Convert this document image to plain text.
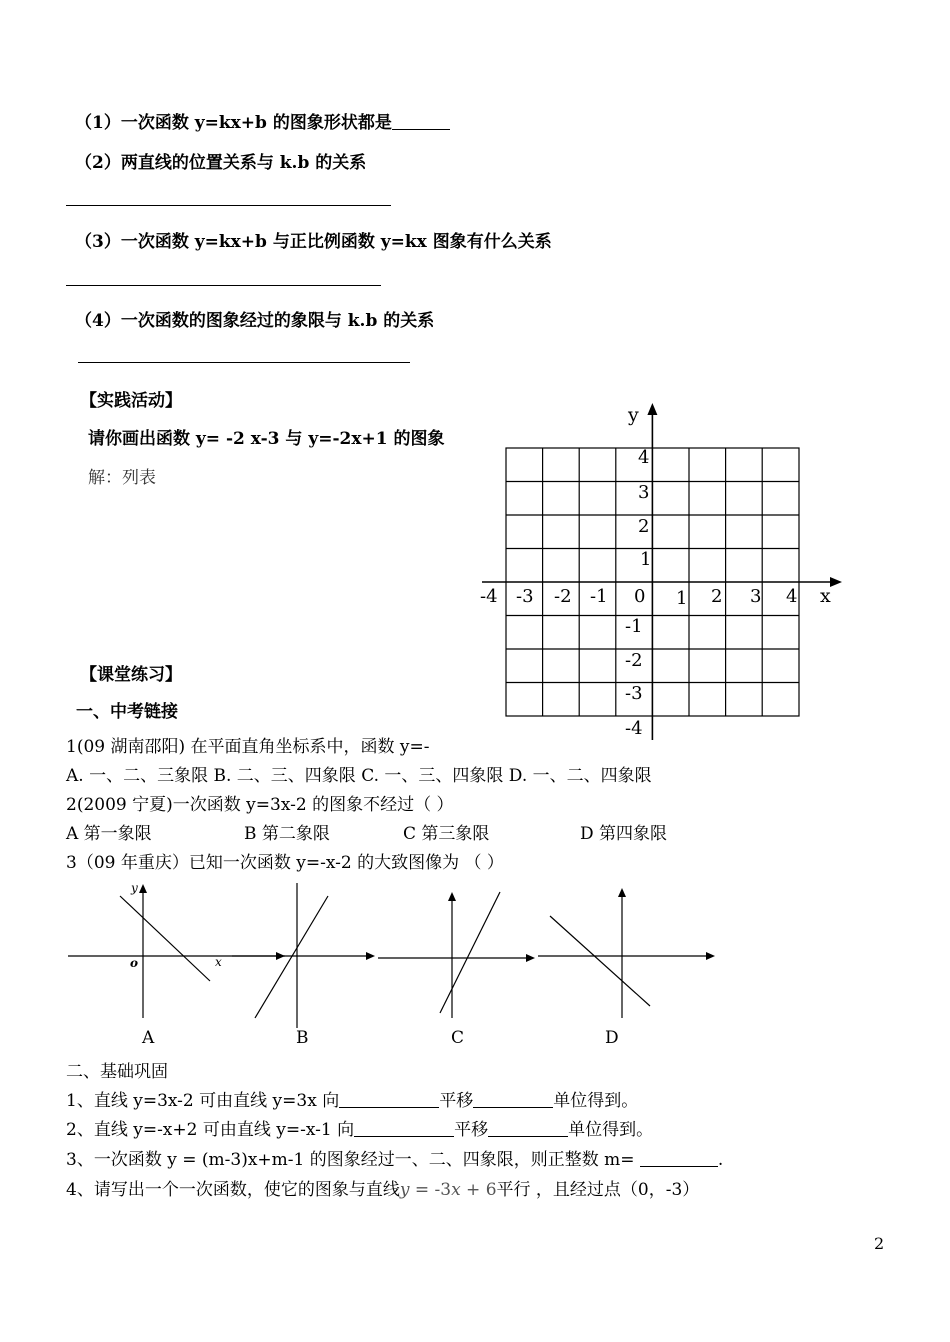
（1）一次函数 y=kx+b 的图象形状都是
（2）两直线的位置关系与 k.b 的关系
（3）一次函数 y=kx+b 与正比例函数 y=kx 图象有什么关系
（4）一次函数的图象经过的象限与 k.b 的关系
【实践活动】
请你画出函数 y= -2 x-3 与 y=-2x+1 的图象
解：列表
x
y
-4 -3 -2 -1 0 1 2 3 4
4
3
2
1
-1
-2
-3
-4
【课堂练习】
一、中考链接
1(09 湖南邵阳) 在平面直角坐标系中，函数 y=-
A. 一、二、三象限 B. 二、三、四象限 C. 一、三、四象限 D. 一、二、四象限
2(2009 宁夏)一次函数 y=3x-2 的图象不经过（ ）
A 第一象限	B 第二象限	C 第三象限	D 第四象限
3（09 年重庆）已知一次函数 y=-x-2 的大致图像为 （ ）
x
y
o
A	B	C	D
二、基础巩固
1、直线 y=3x-2 可由直线 y=3x 向	平移	单位得到。
2、直线 y=-x+2 可由直线 y=-x-1 向	平移	单位得到。
3、一次函数 y = (m-3)x+m-1 的图象经过一、二、四象限，则正整数 m=	.
4、请写出一个一次函数，使它的图象与直线y = -3x + 6平行 ，且经过点（0，-3）
2
